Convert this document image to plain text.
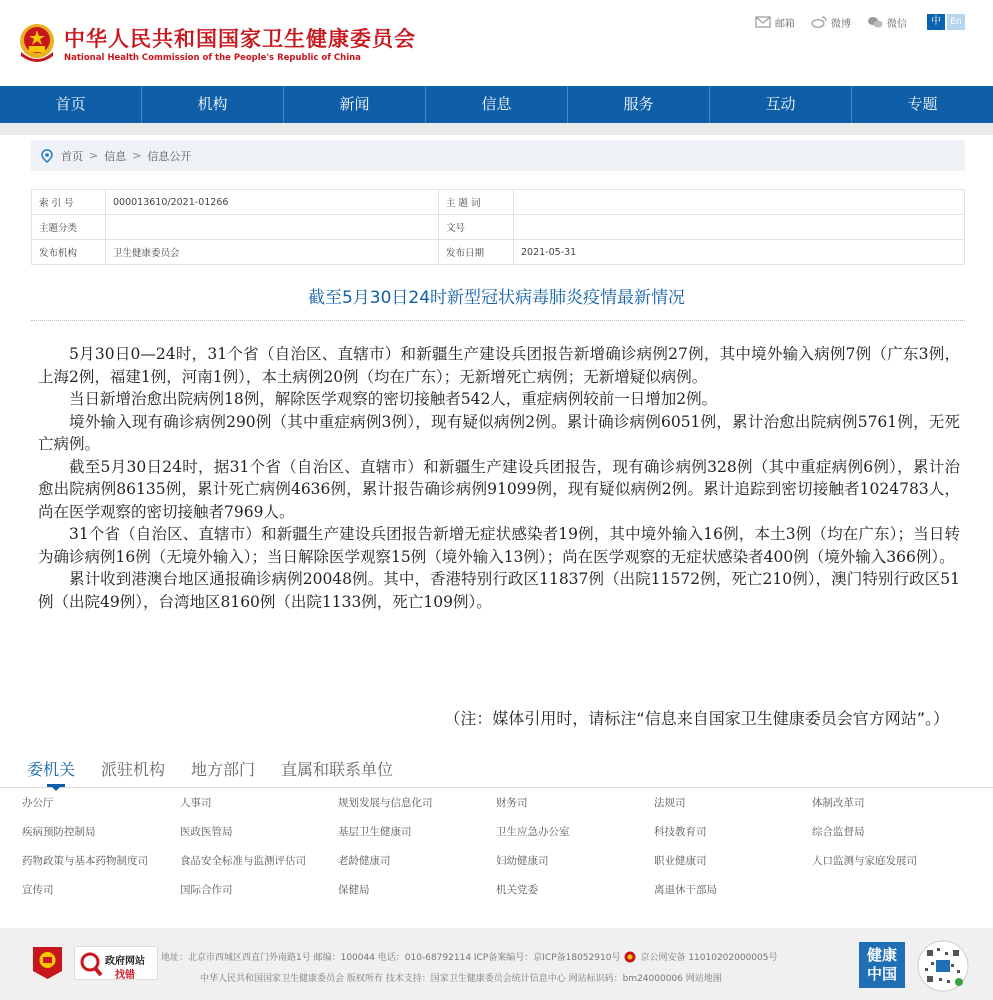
中华人民共和国国家卫生健康委员会
National Health Commission of the People's Republic of China
邮箱	微博	微信	中	En
首页	机构	新闻	信息	服务	互动	专题
首页 > 信息 > 信息公开
索 引 号	000013610/2021-01266	主 题 词	
主题分类		文号	
发布机构	卫生健康委员会	发布日期	2021-05-31
截至5月30日24时新型冠状病毒肺炎疫情最新情况

5月30日0—24时，31个省（自治区、直辖市）和新疆生产建设兵团报告新增确诊病例27例，其中境外输入病例7例（广东3例，上海2例，福建1例，河南1例），本土病例20例（均在广东）；无新增死亡病例；无新增疑似病例。

当日新增治愈出院病例18例，解除医学观察的密切接触者542人，重症病例较前一日增加2例。

境外输入现有确诊病例290例（其中重症病例3例），现有疑似病例2例。累计确诊病例6051例，累计治愈出院病例5761例，无死亡病例。

截至5月30日24时，据31个省（自治区、直辖市）和新疆生产建设兵团报告，现有确诊病例328例（其中重症病例6例），累计治愈出院病例86135例，累计死亡病例4636例，累计报告确诊病例91099例，现有疑似病例2例。累计追踪到密切接触者1024783人，尚在医学观察的密切接触者7969人。

31个省（自治区、直辖市）和新疆生产建设兵团报告新增无症状感染者19例，其中境外输入16例，本土3例（均在广东）；当日转为确诊病例16例（无境外输入）；当日解除医学观察15例（境外输入13例）；尚在医学观察的无症状感染者400例（境外输入366例）。

累计收到港澳台地区通报确诊病例20048例。其中，香港特别行政区11837例（出院11572例，死亡210例），澳门特别行政区51例（出院49例），台湾地区8160例（出院1133例，死亡109例）。

（注：媒体引用时，请标注“信息来自国家卫生健康委员会官方网站”。）
委机关 派驻机构 地方部门 直属和联系单位
办公厅	人事司	规划发展与信息化司	财务司	法规司	体制改革司
疾病预防控制局	医政医管局	基层卫生健康司	卫生应急办公室	科技教育司	综合监督局
药物政策与基本药物制度司	食品安全标准与监测评估司	老龄健康司	妇幼健康司	职业健康司	人口监测与家庭发展司
宣传司	国际合作司	保健局	机关党委	离退休干部局
政府网站
找错
地址：北京市西城区西直门外南路1号 邮编：100044 电话：010-68792114 ICP备案编号：京ICP备18052910号 京公网安备 11010202000005号
中华人民共和国国家卫生健康委员会 版权所有 技术支持：国家卫生健康委员会统计信息中心 网站标识码：bm24000006 网站地图
健康
中国
